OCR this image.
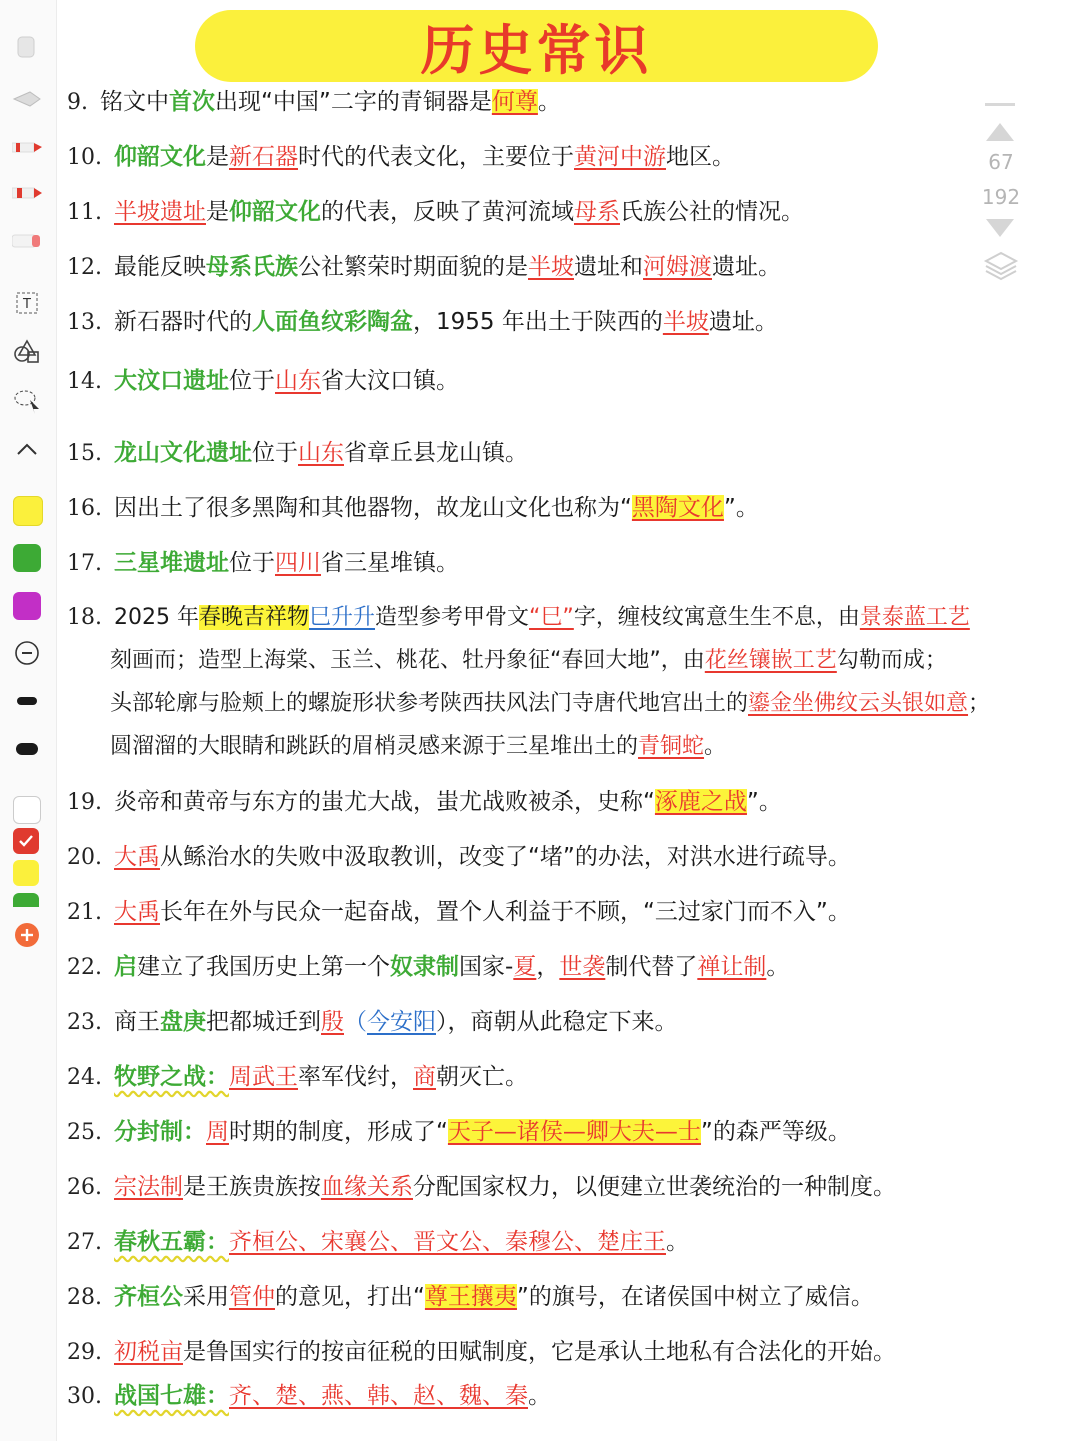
T
67
192
历史常识
9. 铭文中首次出现“中国”二字的青铜器是何尊。
10. 仰韶文化是新石器时代的代表文化，主要位于黄河中游地区。
11. 半坡遗址是仰韶文化的代表，反映了黄河流域母系氏族公社的情况。
12. 最能反映母系氏族公社繁荣时期面貌的是半坡遗址和河姆渡遗址。
13. 新石器时代的人面鱼纹彩陶盆，1955 年出土于陕西的半坡遗址。
14. 大汶口遗址位于山东省大汶口镇。
15. 龙山文化遗址位于山东省章丘县龙山镇。
16. 因出土了很多黑陶和其他器物，故龙山文化也称为“黑陶文化”。
17. 三星堆遗址位于四川省三星堆镇。
18. 2025 年春晚吉祥物巳升升造型参考甲骨文“巳”字，缠枝纹寓意生生不息，由景泰蓝工艺
刻画而；造型上海棠、玉兰、桃花、牡丹象征“春回大地”，由花丝镶嵌工艺勾勒而成；
头部轮廓与脸颊上的螺旋形状参考陕西扶风法门寺唐代地宫出土的鎏金坐佛纹云头银如意；
圆溜溜的大眼睛和跳跃的眉梢灵感来源于三星堆出土的青铜蛇。
19. 炎帝和黄帝与东方的蚩尤大战，蚩尤战败被杀，史称“涿鹿之战”。
20. 大禹从鲧治水的失败中汲取教训，改变了“堵”的办法，对洪水进行疏导。
21. 大禹长年在外与民众一起奋战，置个人利益于不顾，“三过家门而不入”。
22. 启建立了我国历史上第一个奴隶制国家-夏，世袭制代替了禅让制。
23. 商王盘庚把都城迁到殷（今安阳），商朝从此稳定下来。
24. 牧野之战：周武王率军伐纣，商朝灭亡。
25. 分封制：周时期的制度，形成了“天子—诸侯—卿大夫—士”的森严等级。
26. 宗法制是王族贵族按血缘关系分配国家权力，以便建立世袭统治的一种制度。
27. 春秋五霸：齐桓公、宋襄公、晋文公、秦穆公、楚庄王。
28. 齐桓公采用管仲的意见，打出“尊王攘夷”的旗号，在诸侯国中树立了威信。
29. 初税亩是鲁国实行的按亩征税的田赋制度，它是承认土地私有合法化的开始。
30. 战国七雄：齐、楚、燕、韩、赵、魏、秦。
